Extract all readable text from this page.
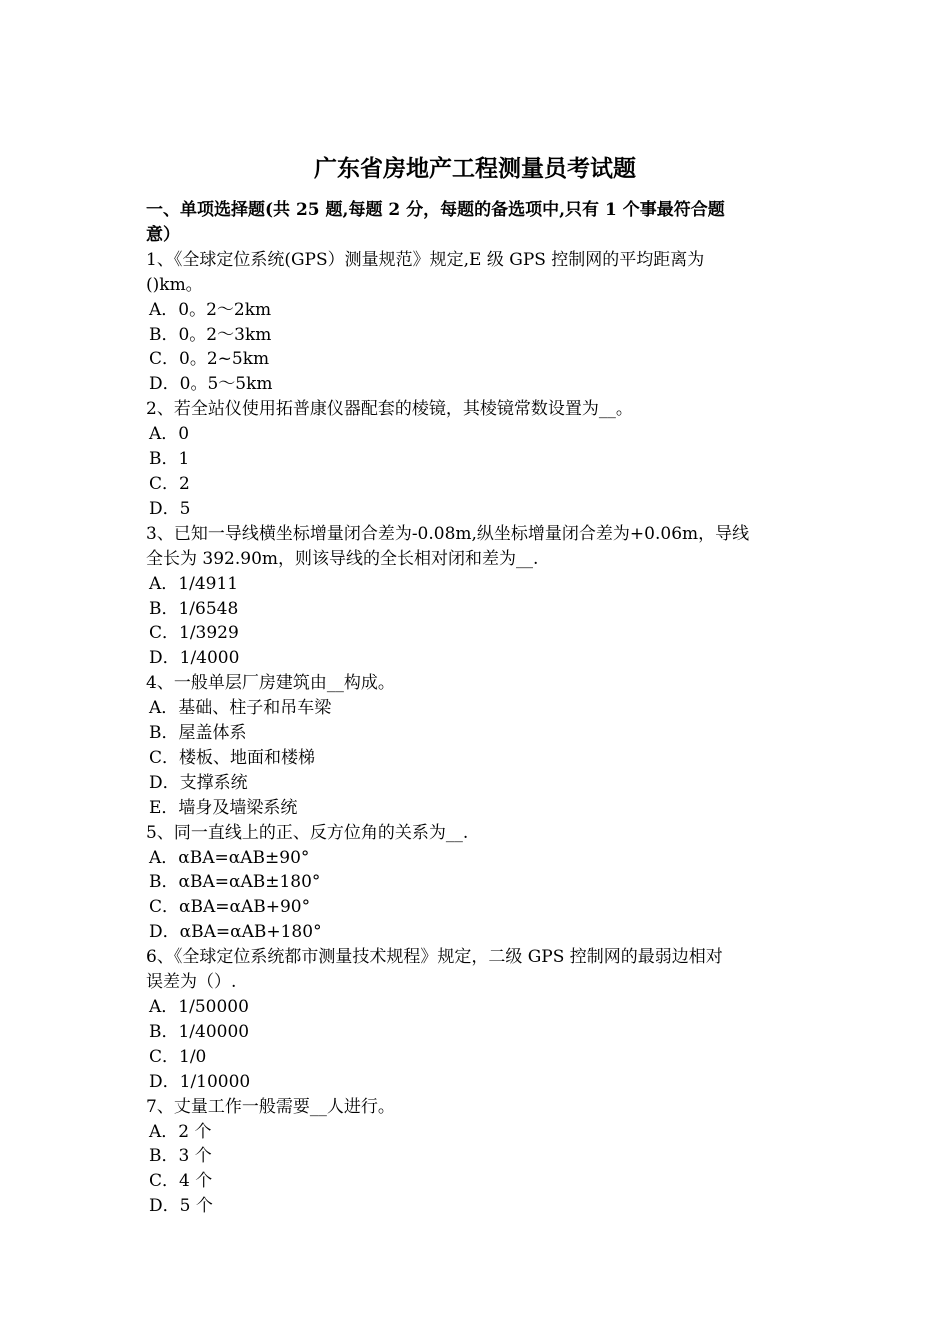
广东省房地产工程测量员考试题
一、单项选择题(共 25 题,每题 2 分，每题的备选项中,只有 1 个事最符合题
意）
1、《全球定位系统(GPS）测量规范》规定,E 级 GPS 控制网的平均距离为
()km。
A．0。2～2km
B．0。2～3km
C．0。2~5km
D．0。5～5km
2、若全站仪使用拓普康仪器配套的棱镜，其棱镜常数设置为__。
A．0
B．1
C．2
D．5
3、已知一导线横坐标增量闭合差为-0.08m,纵坐标增量闭合差为+0.06m，导线
全长为 392.90m，则该导线的全长相对闭和差为__.
A．1/4911
B．1/6548
C．1/3929
D．1/4000
4、一般单层厂房建筑由__构成。
A．基础、柱子和吊车梁
B．屋盖体系
C．楼板、地面和楼梯
D．支撑系统
E．墙身及墙梁系统
5、同一直线上的正、反方位角的关系为__.
A．αBA=αAB±90°
B．αBA=αAB±180°
C．αBA=αAB+90°
D．αBA=αAB+180°
6、《全球定位系统都市测量技术规程》规定，二级 GPS 控制网的最弱边相对
误差为（）.
A．1/50000
B．1/40000
C．1/0
D．1/10000
7、丈量工作一般需要__人进行。
A．2 个
B．3 个
C．4 个
D．5 个
